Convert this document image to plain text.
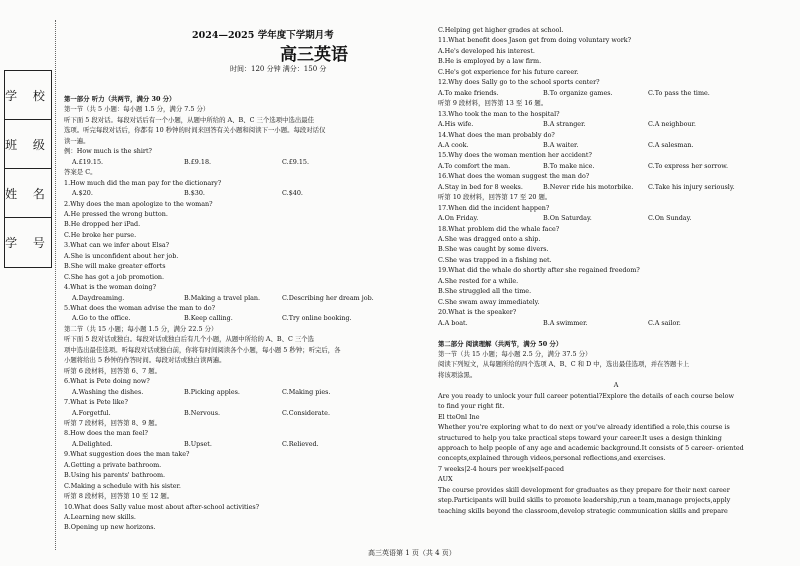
学 校
班 级
姓 名
学 号
2024—2025 学年度下学期月考
高三英语
时间：120 分钟 满分：150 分
第一部分 听力（共两节，满分 30 分）
第一节（共 5 小题：每小题 1.5 分，满分 7.5 分）
听下面 5 段对话。每段对话后有一个小题，从题中所给的 A、B、C 三个选项中选出最佳
选项。听完每段对话后，你都有 10 秒钟的时间来回答有关小题和阅读下一小题。每段对话仅
读一遍。
例：How much is the shirt?
A.£19.15.	B.£9.18.	C.£9.15.
答案是 C。
1.How much did the man pay for the dictionary?
A.$20.	B.$30.	C.$40.
2.Why does the man apologize to the woman?
A.He pressed the wrong button.
B.He dropped her iPad.
C.He broke her purse.
3.What can we infer about Elsa?
A.She is unconfident about her job.
B.She will make greater efforts
C.She has got a job promotion.
4.What is the woman doing?
A.Daydreaming.	B.Making a travel plan.	C.Describing her dream job.
5.What does the woman advise the man to do?
A.Go to the office.	B.Keep calling.	C.Try online booking.
第二节（共 15 小题；每小题 1.5 分，满分 22.5 分）
听下面 5 段对话或独白。每段对话或独白后有几个小题，从题中所给的 A、B、C 三个选
项中选出最佳选项。听每段对话或独白前，你将有时间阅读各个小题，每小题 5 秒钟；听完后，各
小题将给出 5 秒钟的作答时间。每段对话或独白读两遍。
听第 6 段材料，回答第 6、7 题。
6.What is Pete doing now?
A.Washing the dishes.	B.Picking apples.	C.Making pies.
7.What is Pete like?
A.Forgetful.	B.Nervous.	C.Considerate.
听第 7 段材料，回答第 8、9 题。
8.How does the man feel?
A.Delighted.	B.Upset.	C.Relieved.
9.What suggestion does the man take?
A.Getting a private bathroom.
B.Using his parents' bathroom.
C.Making a schedule with his sister.
听第 8 段材料，回答第 10 至 12 题。
10.What does Sally value most about after-school activities?
A.Learning new skills.
B.Opening up new horizons.
C.Helping get higher grades at school.
11.What benefit does Jason get from doing voluntary work?
A.He's developed his interest.
B.He is employed by a law firm.
C.He's got experience for his future career.
12.Why does Sally go to the school sports center?
A.To make friends.	B.To organize games.	C.To pass the time.
听第 9 段材料，回答第 13 至 16 题。
13.Who took the man to the hospital?
A.His wife.	B.A stranger.	C.A neighbour.
14.What does the man probably do?
A.A cook.	B.A waiter.	C.A salesman.
15.Why does the woman mention her accident?
A.To comfort the man.	B.To make nice.	C.To express her sorrow.
16.What does the woman suggest the man do?
A.Stay in bed for 8 weeks.	B.Never ride his motorbike. C.Take his injury seriously.
听第 10 段材料，回答第 17 至 20 题。
17.When did the incident happen?
A.On Friday.	B.On Saturday.	C.On Sunday.
18.What problem did the whale face?
A.She was dragged onto a ship.
B.She was caught by some divers.
C.She was trapped in a fishing net.
19.What did the whale do shortly after she regained freedom?
A.She rested for a while.
B.She struggled all the time.
C.She swam away immediately.
20.What is the speaker?
A.A boat.	B.A swimmer.	C.A sailor.
第二部分 阅读理解（共两节，满分 50 分）
第一节（共 15 小题；每小题 2.5 分，满分 37.5 分）
阅读下列短文，从每题所给的四个选项 A、B、C 和 D 中，选出最佳选项，并在答题卡上
将该项涂黑。
A
Are you ready to unlock your full career potential?Explore the details of each course below
to find your right fit.
El tteOnl Ine
Whether you're exploring what to do next or you've already identified a role,this course is
structured to help you take practical steps toward your career.It uses a design thinking
approach to help people of any age and academic background.It consists of 5 career- oriented
concepts,explained through videos,personal reflections,and exercises.
7 weeks|2-4 hours per week|self-paced
AUX
The course provides skill development for graduates as they prepare for their next career
step.Participants will build skills to promote leadership,run a team,manage projects,apply
teaching skills beyond the classroom,develop strategic communication skills and prepare
高三英语第 1 页（共 4 页）
